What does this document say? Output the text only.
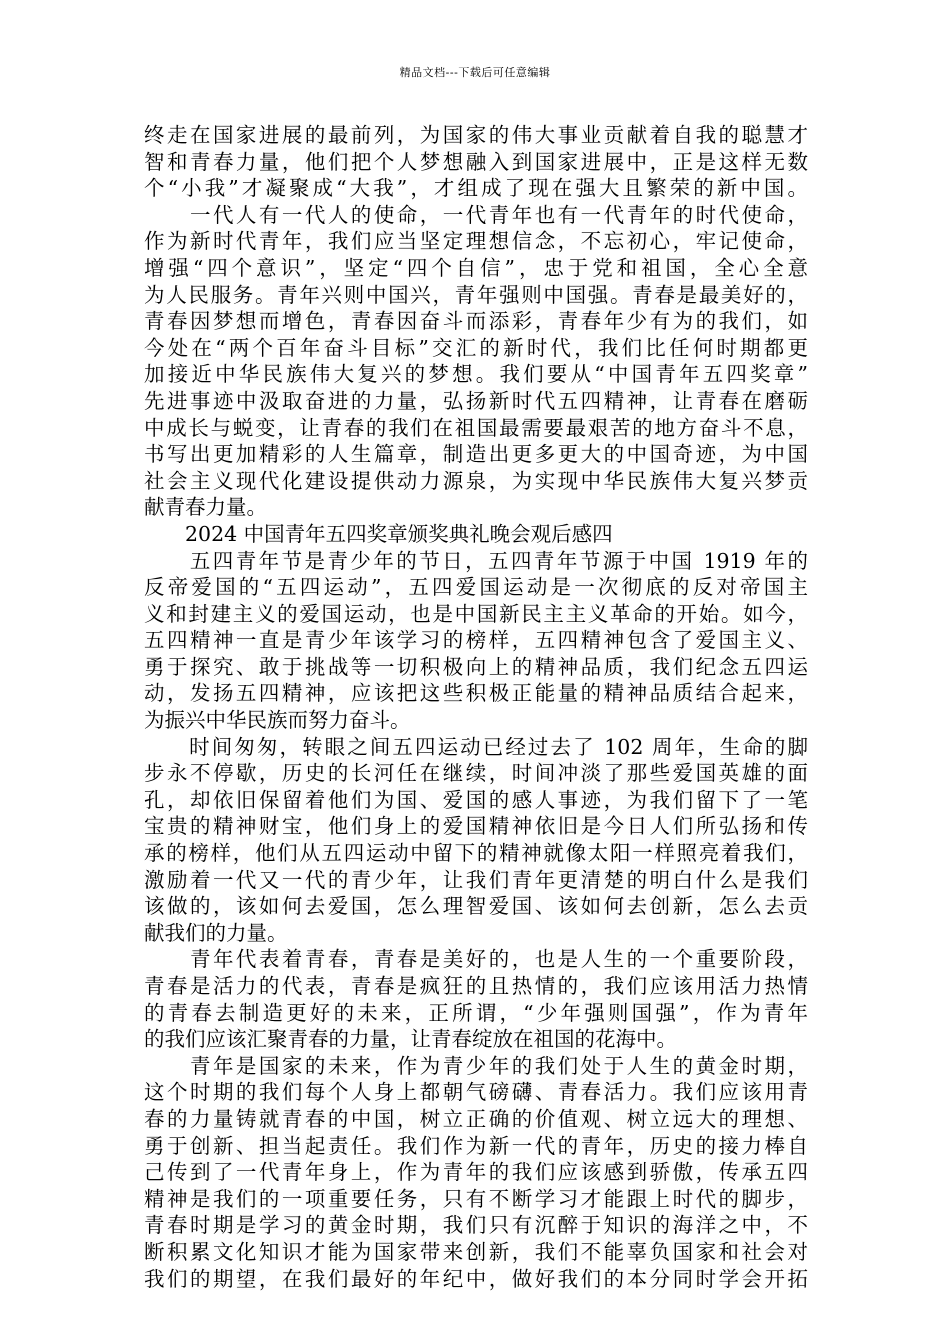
精品文档---下载后可任意编辑
终走在国家进展的最前列，为国家的伟大事业贡献着自我的聪慧才
智和青春力量，他们把个人梦想融入到国家进展中，正是这样无数
个“小我”才凝聚成“大我”，才组成了现在强大且繁荣的新中国。
　　一代人有一代人的使命，一代青年也有一代青年的时代使命，
作为新时代青年，我们应当坚定理想信念，不忘初心，牢记使命，
增强“四个意识”，坚定“四个自信”，忠于党和祖国，全心全意
为人民服务。青年兴则中国兴，青年强则中国强。青春是最美好的，
青春因梦想而增色，青春因奋斗而添彩，青春年少有为的我们，如
今处在“两个百年奋斗目标”交汇的新时代，我们比任何时期都更
加接近中华民族伟大复兴的梦想。我们要从“中国青年五四奖章”
先进事迹中汲取奋进的力量，弘扬新时代五四精神，让青春在磨砺
中成长与蜕变，让青春的我们在祖国最需要最艰苦的地方奋斗不息，
书写出更加精彩的人生篇章，制造出更多更大的中国奇迹，为中国
社会主义现代化建设提供动力源泉，为实现中华民族伟大复兴梦贡
献青春力量。
　　2024 中国青年五四奖章颁奖典礼晚会观后感四
　　五四青年节是青少年的节日，五四青年节源于中国 1919 年的
反帝爱国的“五四运动”，五四爱国运动是一次彻底的反对帝国主
义和封建主义的爱国运动，也是中国新民主主义革命的开始。如今，
五四精神一直是青少年该学习的榜样，五四精神包含了爱国主义、
勇于探究、敢于挑战等一切积极向上的精神品质，我们纪念五四运
动，发扬五四精神，应该把这些积极正能量的精神品质结合起来，
为振兴中华民族而努力奋斗。
　　时间匆匆，转眼之间五四运动已经过去了 102 周年，生命的脚
步永不停歇，历史的长河任在继续，时间冲淡了那些爱国英雄的面
孔，却依旧保留着他们为国、爱国的感人事迹，为我们留下了一笔
宝贵的精神财宝，他们身上的爱国精神依旧是今日人们所弘扬和传
承的榜样，他们从五四运动中留下的精神就像太阳一样照亮着我们，
激励着一代又一代的青少年，让我们青年更清楚的明白什么是我们
该做的，该如何去爱国，怎么理智爱国、该如何去创新，怎么去贡
献我们的力量。
　　青年代表着青春，青春是美好的，也是人生的一个重要阶段，
青春是活力的代表，青春是疯狂的且热情的，我们应该用活力热情
的青春去制造更好的未来，正所谓，“少年强则国强”，作为青年
的我们应该汇聚青春的力量，让青春绽放在祖国的花海中。
　　青年是国家的未来，作为青少年的我们处于人生的黄金时期，
这个时期的我们每个人身上都朝气磅礴、青春活力。我们应该用青
春的力量铸就青春的中国，树立正确的价值观、树立远大的理想、
勇于创新、担当起责任。我们作为新一代的青年，历史的接力棒自
己传到了一代青年身上，作为青年的我们应该感到骄傲，传承五四
精神是我们的一项重要任务，只有不断学习才能跟上时代的脚步，
青春时期是学习的黄金时期，我们只有沉醉于知识的海洋之中，不
断积累文化知识才能为国家带来创新，我们不能辜负国家和社会对
我们的期望，在我们最好的年纪中，做好我们的本分同时学会开拓
